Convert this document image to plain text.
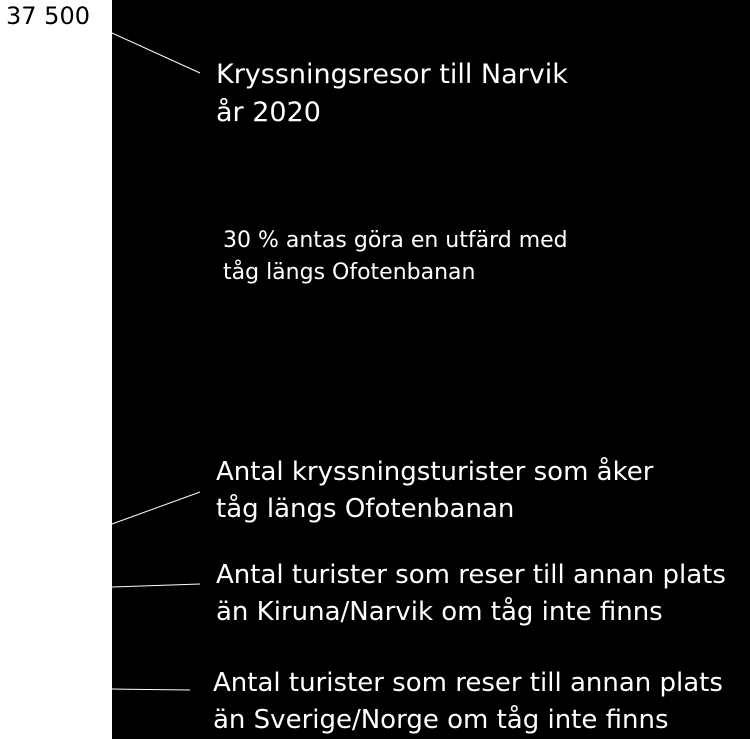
37 500
Kryssningsresor till Narvik
år 2020
30 % antas göra en utfärd med
tåg längs Ofotenbanan
Antal kryssningsturister som åker
tåg längs Ofotenbanan
Antal turister som reser till annan plats
än Kiruna/Narvik om tåg inte finns
Antal turister som reser till annan plats
än Sverige/Norge om tåg inte finns
